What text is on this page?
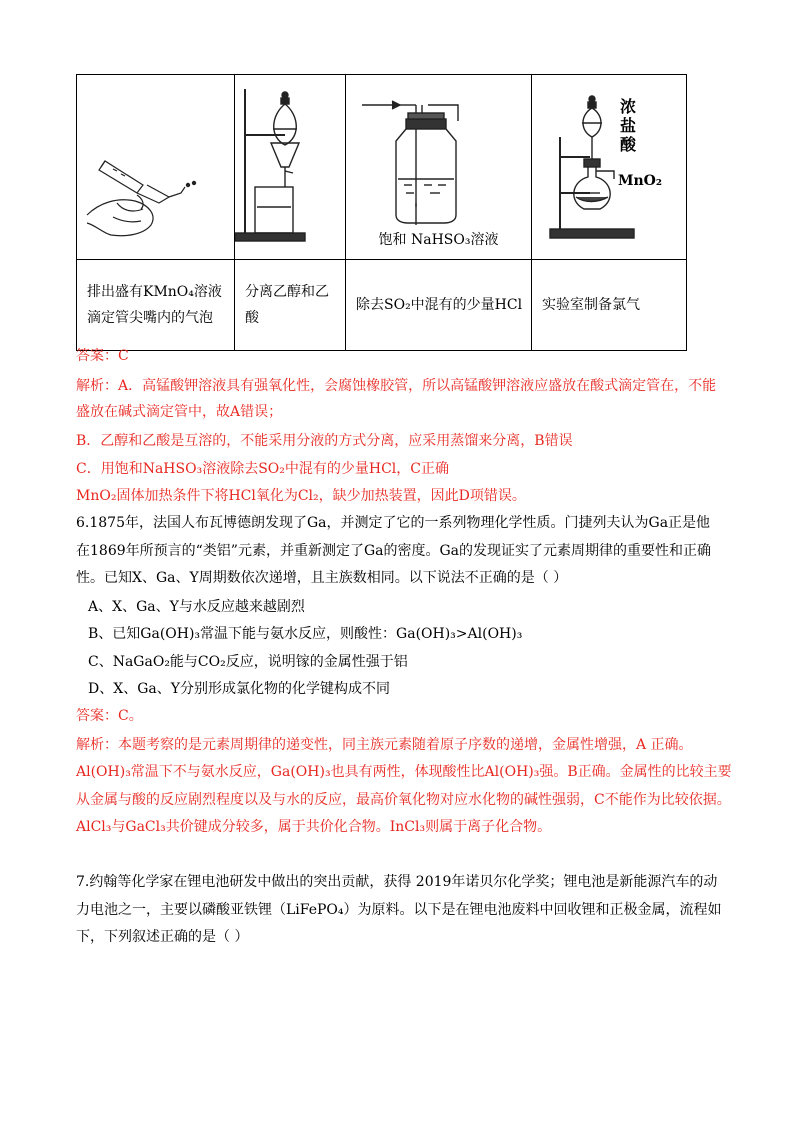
饱和 NaHSO₃溶液	浓盐酸
MnO₂

排出盛有KMnO₄溶液滴定管尖嘴内的气泡	分离乙醇和乙酸	除去SO₂中混有的少量HCl	实验室制备氯气
答案：C
解析：A．高锰酸钾溶液具有强氧化性，会腐蚀橡胶管，所以高锰酸钾溶液应盛放在酸式滴定管在，不能
盛放在碱式滴定管中，故A错误；
B．乙醇和乙酸是互溶的，不能采用分液的方式分离，应采用蒸馏来分离，B错误
C．用饱和NaHSO₃溶液除去SO₂中混有的少量HCl，C正确
MnO₂固体加热条件下将HCl氧化为Cl₂，缺少加热装置，因此D项错误。
6.1875年，法国人布瓦博德朗发现了Ga，并测定了它的一系列物理化学性质。门捷列夫认为Ga正是他
在1869年所预言的“类铝”元素，并重新测定了Ga的密度。Ga的发现证实了元素周期律的重要性和正确
性。已知X、Ga、Y周期数依次递增，且主族数相同。以下说法不正确的是（ ）
A、X、Ga、Y与水反应越来越剧烈
B、已知Ga(OH)₃常温下能与氨水反应，则酸性：Ga(OH)₃>Al(OH)₃
C、NaGaO₂能与CO₂反应，说明镓的金属性强于铝
D、X、Ga、Y分别形成氯化物的化学键构成不同
答案：C。
解析：本题考察的是元素周期律的递变性，同主族元素随着原子序数的递增，金属性增强，A 正确。
Al(OH)₃常温下不与氨水反应，Ga(OH)₃也具有两性，体现酸性比Al(OH)₃强。B正确。金属性的比较主要
从金属与酸的反应剧烈程度以及与水的反应，最高价氧化物对应水化物的碱性强弱，C不能作为比较依据。
AlCl₃与GaCl₃共价键成分较多，属于共价化合物。InCl₃则属于离子化合物。
7.约翰等化学家在锂电池研发中做出的突出贡献，获得 2019年诺贝尔化学奖；锂电池是新能源汽车的动
力电池之一，主要以磷酸亚铁锂（LiFePO₄）为原料。以下是在锂电池废料中回收锂和正极金属，流程如
下，下列叙述正确的是（ ）
